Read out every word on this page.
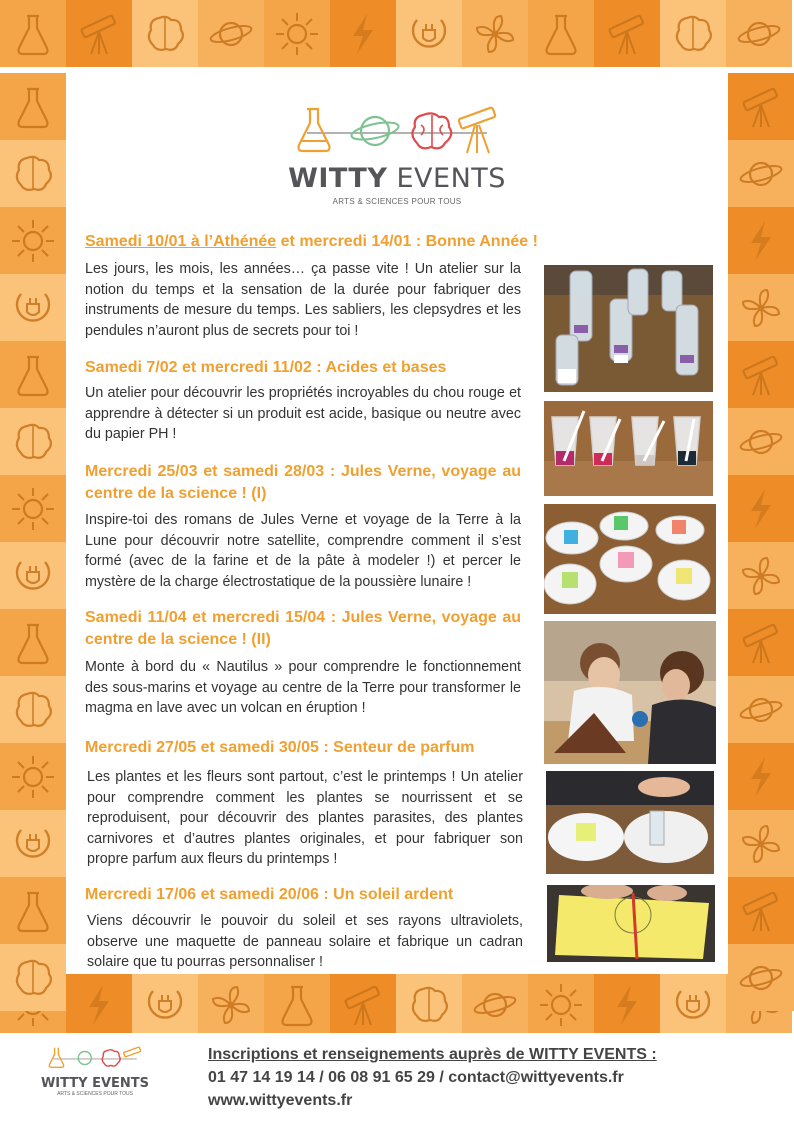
WITTY EVENTS
ARTS & SCIENCES POUR TOUS
Samedi 10/01 à l’Athénée et mercredi 14/01 : Bonne Année !
Les jours, les mois, les années… ça passe vite ! Un atelier sur la notion du temps et la sensation de la durée pour fabriquer des instruments de mesure du temps. Les sabliers, les clepsydres et les pendules n’auront plus de secrets pour toi !
Samedi 7/02 et mercredi 11/02 : Acides et bases
Un atelier pour découvrir les propriétés incroyables du chou rouge et apprendre à détecter si un produit est acide, basique ou neutre avec du papier PH !
Mercredi 25/03 et samedi 28/03 : Jules Verne, voyage au centre de la science ! (I)
Inspire-toi des romans de Jules Verne et voyage de la Terre à la Lune pour découvrir notre satellite, comprendre comment il s’est formé (avec de la farine et de la pâte à modeler !) et percer le mystère de la charge électrostatique de la poussière lunaire !
Samedi 11/04 et mercredi 15/04 : Jules Verne, voyage au centre de la science ! (II)
Monte à bord du « Nautilus » pour comprendre le fonctionnement des sous-marins et voyage au centre de la Terre pour transformer le magma en lave avec un volcan en éruption !
Mercredi 27/05 et samedi 30/05 : Senteur de parfum
Les plantes et les fleurs sont partout, c’est le printemps ! Un atelier pour comprendre comment les plantes se nourrissent et se reproduisent, pour découvrir des plantes parasites, des plantes carnivores et d’autres plantes originales, et pour fabriquer son propre parfum aux fleurs du printemps !
Mercredi 17/06 et samedi 20/06 : Un soleil ardent
Viens découvrir le pouvoir du soleil et ses rayons ultraviolets, observe une maquette de panneau solaire et fabrique un cadran solaire que tu pourras personnaliser !
WITTY EVENTS
ARTS & SCIENCES POUR TOUS
Inscriptions et renseignements auprès de WITTY EVENTS :
01 47 14 19 14 / 06 08 91 65 29 / contact@wittyevents.fr
www.wittyevents.fr
